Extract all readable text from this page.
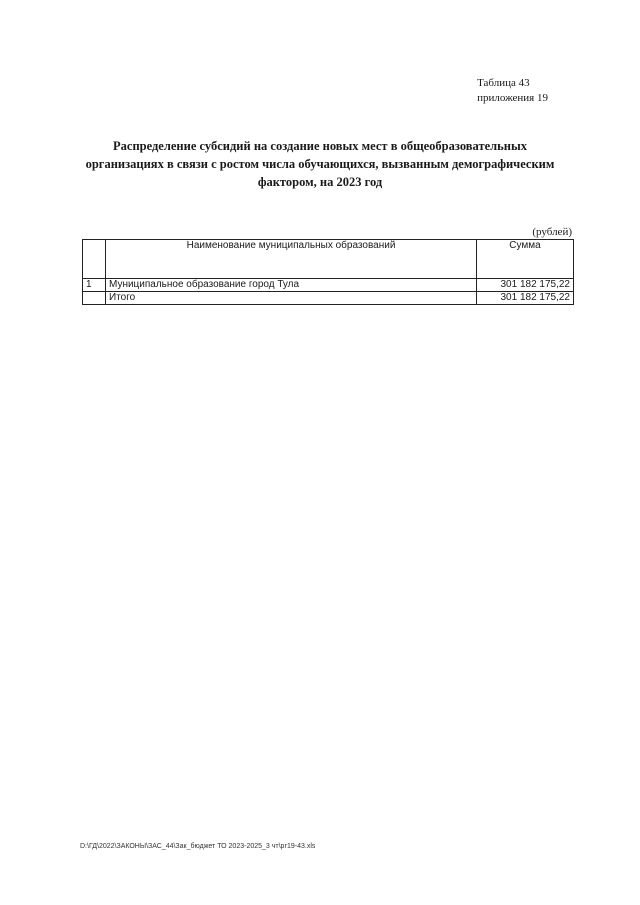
Таблица 43
приложения 19
Распределение субсидий на создание новых мест в общеобразовательных
организациях в связи с ростом числа обучающихся, вызванным демографическим
фактором, на 2023 год
(рублей)
	Наименование муниципальных образований	Сумма
1	Муниципальное образование город Тула	301 182 175,22
	Итого	301 182 175,22
D:\ГД\2022\ЗАКОНЫ\ЗАС_44\Зак_бюджет ТО 2023-2025_3 чт\рг19-43.xls
